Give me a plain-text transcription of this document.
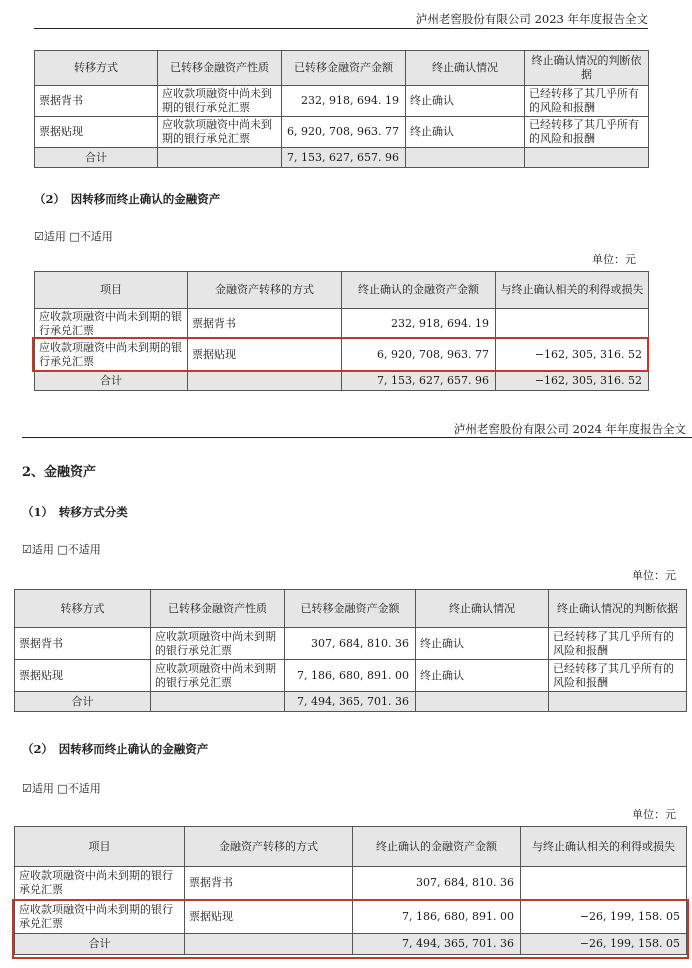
泸州老窖股份有限公司 2023 年年度报告全文
转移方式	已转移金融资产性质	已转移金融资产金额	终止确认情况	终止确认情况的判断依据
票据背书	应收款项融资中尚未到期的银行承兑汇票	232, 918, 694. 19	终止确认	已经转移了其几乎所有的风险和报酬
票据贴现	应收款项融资中尚未到期的银行承兑汇票	6, 920, 708, 963. 77	终止确认	已经转移了其几乎所有的风险和报酬
合计		7, 153, 627, 657. 96		
（2）　因转移而终止确认的金融资产
☑适用 □不适用
单位：元
项目	金融资产转移的方式	终止确认的金融资产金额	与终止确认相关的利得或损失
应收款项融资中尚未到期的银行承兑汇票	票据背书	232, 918, 694. 19	
应收款项融资中尚未到期的银行承兑汇票	票据贴现	6, 920, 708, 963. 77	−162, 305, 316. 52
合计		7, 153, 627, 657. 96	−162, 305, 316. 52
泸州老窖股份有限公司 2024 年年度报告全文
2、金融资产
（1）　转移方式分类
☑适用 □不适用
单位：元
转移方式	已转移金融资产性质	已转移金融资产金额	终止确认情况	终止确认情况的判断依据
票据背书	应收款项融资中尚未到期的银行承兑汇票	307, 684, 810. 36	终止确认	已经转移了其几乎所有的风险和报酬
票据贴现	应收款项融资中尚未到期的银行承兑汇票	7, 186, 680, 891. 00	终止确认	已经转移了其几乎所有的风险和报酬
合计		7, 494, 365, 701. 36		
（2）　因转移而终止确认的金融资产
☑适用 □不适用
单位：元
项目	金融资产转移的方式	终止确认的金融资产金额	与终止确认相关的利得或损失
应收款项融资中尚未到期的银行承兑汇票	票据背书	307, 684, 810. 36	
应收款项融资中尚未到期的银行承兑汇票	票据贴现	7, 186, 680, 891. 00	−26, 199, 158. 05
合计		7, 494, 365, 701. 36	−26, 199, 158. 05
